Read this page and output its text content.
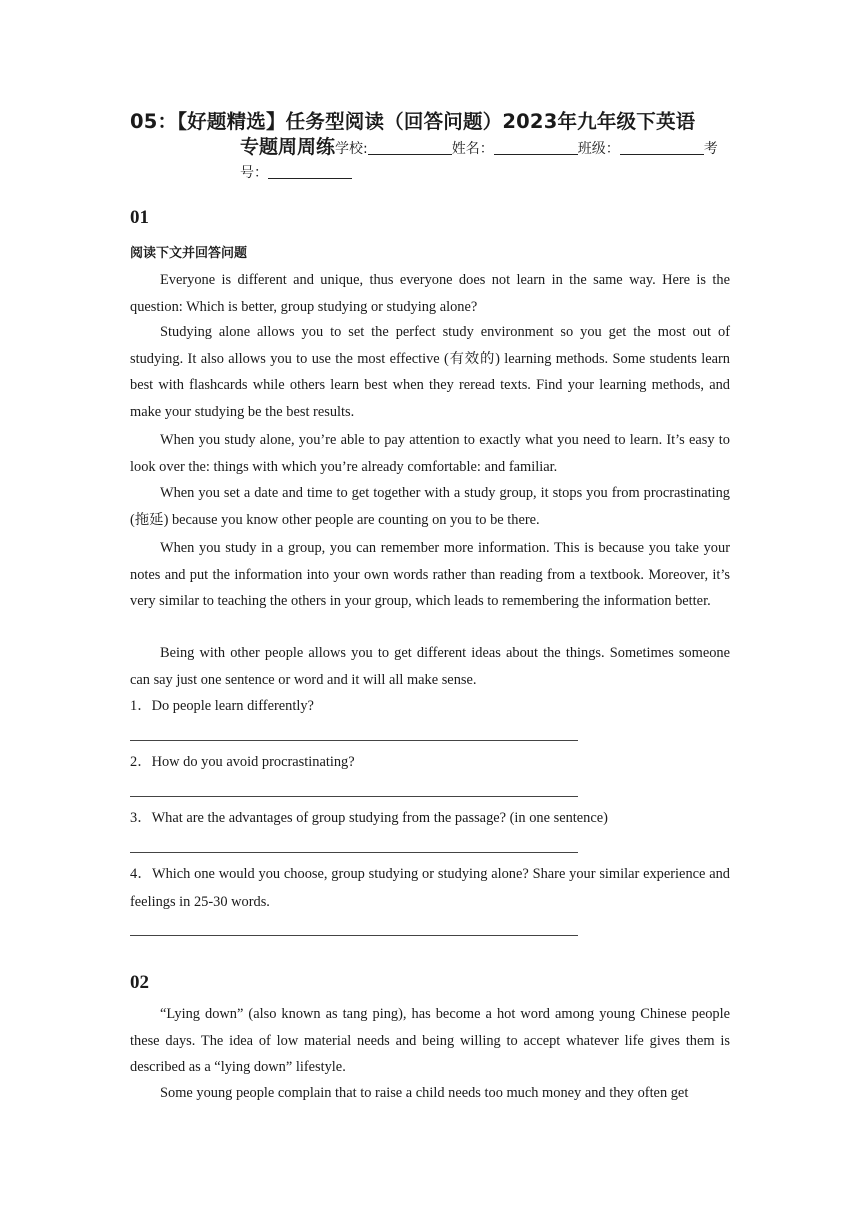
05：【好题精选】任务型阅读（回答问题）2023年九年级下英语
专题周周练学校:	姓名：	班级：	考号：
01
阅读下文并回答问题
Everyone is different and unique, thus everyone does not learn in the same way. Here is the question: Which is better, group studying or studying alone?
Studying alone allows you to set the perfect study environment so you get the most out of studying. It also allows you to use the most effective (有效的) learning methods. Some students learn best with flashcards while others learn best when they reread texts. Find your learning methods, and make your studying be the best results.
When you study alone, you’re able to pay attention to exactly what you need to learn. It’s easy to look over the: things with which you’re already comfortable: and familiar.
When you set a date and time to get together with a study group, it stops you from procrastinating (拖延) because you know other people are counting on you to be there.
When you study in a group, you can remember more information. This is because you take your notes and put the information into your own words rather than reading from a textbook. Moreover, it’s very similar to teaching the others in your group, which leads to remembering the information better.
Being with other people allows you to get different ideas about the things. Sometimes someone can say just one sentence or word and it will all make sense.
1．Do people learn differently?
2．How do you avoid procrastinating?
3．What are the advantages of group studying from the passage? (in one sentence)
4．Which one would you choose, group studying or studying alone? Share your similar experience and feelings in 25-30 words.
02
“Lying down” (also known as tang ping), has become a hot word among young Chinese people these days. The idea of low material needs and being willing to accept whatever life gives them is described as a “lying down” lifestyle.
Some young people complain that to raise a child needs too much money and they often get
